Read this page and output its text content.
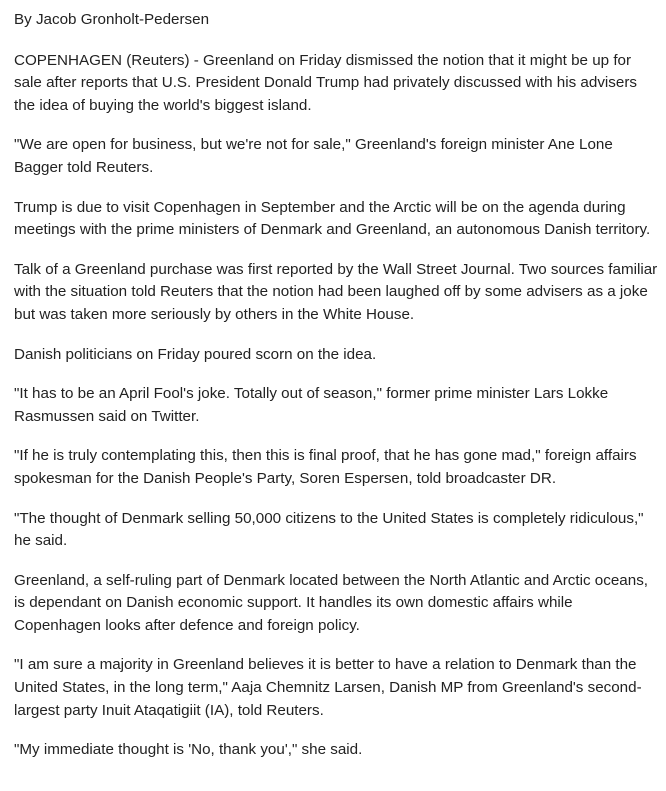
By Jacob Gronholt-Pedersen

COPENHAGEN (Reuters) - Greenland on Friday dismissed the notion that it might be up for sale after reports that U.S. President Donald Trump had privately discussed with his advisers the idea of buying the world's biggest island.

"We are open for business, but we're not for sale," Greenland's foreign minister Ane Lone Bagger told Reuters.

Trump is due to visit Copenhagen in September and the Arctic will be on the agenda during meetings with the prime ministers of Denmark and Greenland, an autonomous Danish territory.

Talk of a Greenland purchase was first reported by the Wall Street Journal. Two sources familiar with the situation told Reuters that the notion had been laughed off by some advisers as a joke but was taken more seriously by others in the White House.

Danish politicians on Friday poured scorn on the idea.

"It has to be an April Fool's joke. Totally out of season," former prime minister Lars Lokke Rasmussen said on Twitter.

"If he is truly contemplating this, then this is final proof, that he has gone mad," foreign affairs spokesman for the Danish People's Party, Soren Espersen, told broadcaster DR.

"The thought of Denmark selling 50,000 citizens to the United States is completely ridiculous," he said.

Greenland, a self-ruling part of Denmark located between the North Atlantic and Arctic oceans, is dependant on Danish economic support. It handles its own domestic affairs while Copenhagen looks after defence and foreign policy.

"I am sure a majority in Greenland believes it is better to have a relation to Denmark than the United States, in the long term," Aaja Chemnitz Larsen, Danish MP from Greenland's second-largest party Inuit Ataqatigiit (IA), told Reuters.

"My immediate thought is 'No, thank you'," she said.
